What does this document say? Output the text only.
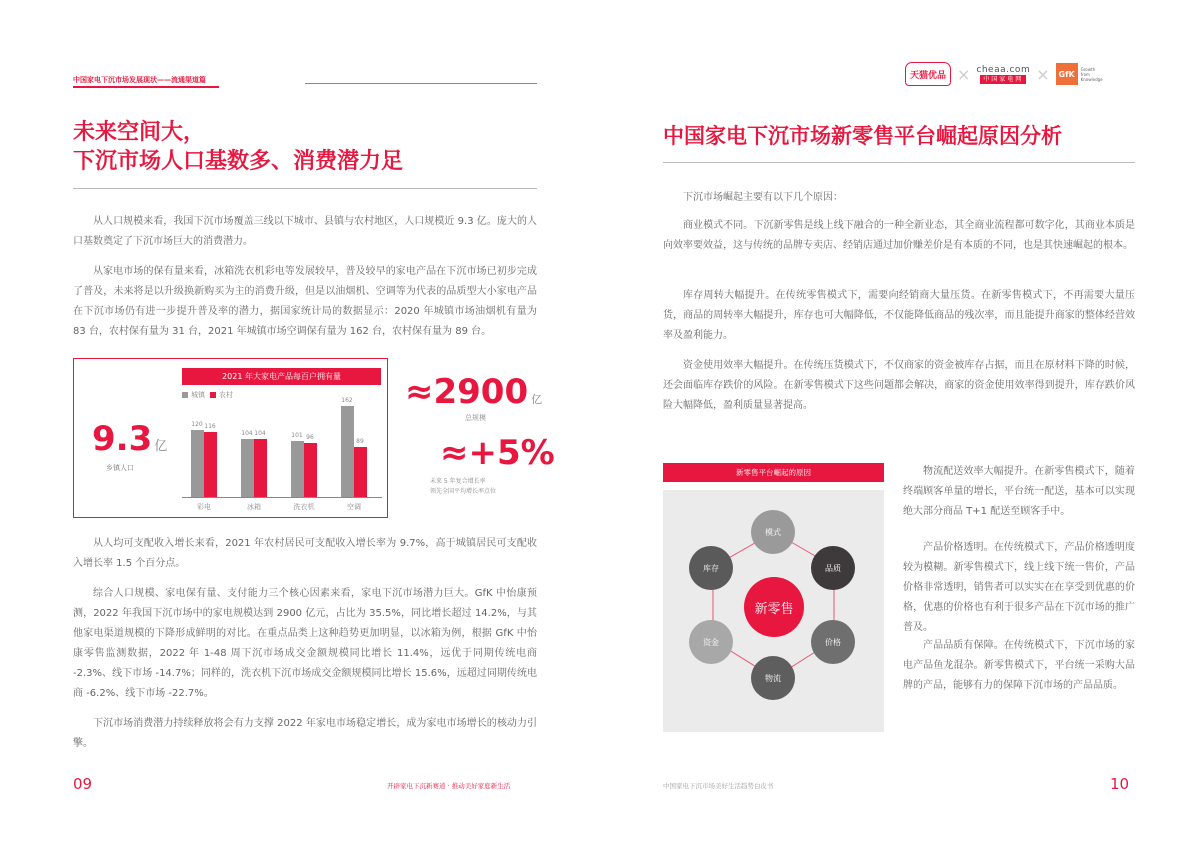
中国家电下沉市场发展现状——流通渠道篇
未来空间大，
下沉市场人口基数多、消费潜力足

从人口规模来看，我国下沉市场覆盖三线以下城市、县镇与农村地区，人口规模近 9.3 亿。庞大的人口基数奠定了下沉市场巨大的消费潜力。

从家电市场的保有量来看，冰箱洗衣机彩电等发展较早，普及较早的家电产品在下沉市场已初步完成了普及，未来将是以升级换新购买为主的消费升级，但是以油烟机、空调等为代表的品质型大小家电产品在下沉市场仍有进一步提升普及率的潜力，据国家统计局的数据显示：2020 年城镇市场油烟机有量为 83 台，农村保有量为 31 台，2021 年城镇市场空调保有量为 162 台，农村保有量为 89 台。

9.3 亿
乡镇人口
2021 年大家电产品每百户拥有量
城镇 农村
120 116
彩电
104 104
冰箱
101 96
洗衣机
162
89
空调
≈2900 亿
总规模
≈+5%
未来 5 年复合增长率
领先全国平均增长率点位

从人均可支配收入增长来看，2021 年农村居民可支配收入增长率为 9.7%，高于城镇居民可支配收入增长率 1.5 个百分点。

综合人口规模、家电保有量、支付能力三个核心因素来看，家电下沉市场潜力巨大。GfK 中怡康预测，2022 年我国下沉市场中的家电规模达到 2900 亿元，占比为 35.5%，同比增长超过 14.2%，与其他家电渠道规模的下降形成鲜明的对比。在重点品类上这种趋势更加明显，以冰箱为例，根据 GfK 中怡康零售监测数据，2022 年 1-48 周下沉市场成交金额规模同比增长 11.4%，远优于同期传统电商 -2.3%、线下市场 -14.7%；同样的，洗衣机下沉市场成交金额规模同比增长 15.6%，远超过同期传统电商 -6.2%、线下市场 -22.7%。

下沉市场消费潜力持续释放将会有力支撑 2022 年家电市场稳定增长，成为家电市场增长的核动力引擎。

09	开辟家电下沉新赛道 · 推动美好家庭新生活
天猫优品 × cheaa.com
中国家电网 ×	GfK
Growth
from
Knowledge
中国家电下沉市场新零售平台崛起原因分析

下沉市场崛起主要有以下几个原因：

商业模式不同。下沉新零售是线上线下融合的一种全新业态，其全商业流程都可数字化，其商业本质是向效率要效益，这与传统的品牌专卖店、经销店通过加价赚差价是有本质的不同，也是其快速崛起的根本。

库存周转大幅提升。在传统零售模式下，需要向经销商大量压货。在新零售模式下，不再需要大量压货，商品的周转率大幅提升，库存也可大幅降低，不仅能降低商品的残次率，而且能提升商家的整体经营效率及盈利能力。

资金使用效率大幅提升。在传统压货模式下，不仅商家的资金被库存占据，而且在原材料下降的时候，还会面临库存跌价的风险。在新零售模式下这些问题都会解决，商家的资金使用效率得到提升，库存跌价风险大幅降低，盈利质量显著提高。

新零售平台崛起的原因
模式
品质
价格
物流
资金
库存
新零售

物流配送效率大幅提升。在新零售模式下，随着终端顾客单量的增长，平台统一配送，基本可以实现绝大部分商品 T+1 配送至顾客手中。

产品价格透明。在传统模式下，产品价格透明度较为模糊。新零售模式下，线上线下统一售价，产品价格非常透明，销售者可以实实在在享受到优惠的价格，优惠的价格也有利于很多产品在下沉市场的推广普及。

产品品质有保障。在传统模式下，下沉市场的家电产品鱼龙混杂。新零售模式下，平台统一采购大品牌的产品，能够有力的保障下沉市场的产品品质。

中国家电下沉市场美好生活趋势白皮书	10
